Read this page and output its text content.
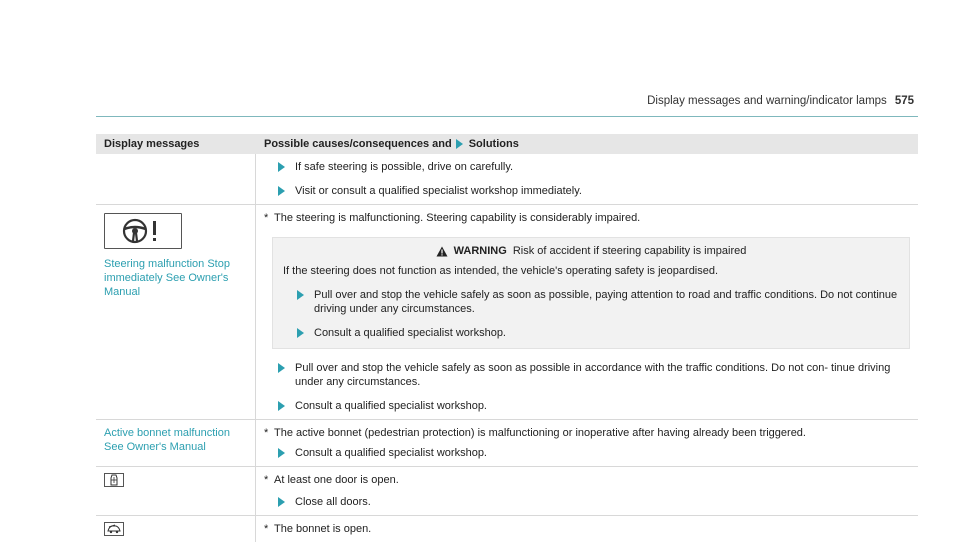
Display messages and warning/indicator lamps 575
Display messages	Possible causes/consequences and Solutions
If safe steering is possible, drive on carefully.
Visit or consult a qualified specialist workshop immediately.
Steering malfunction Stop immediately See Owner's Manual
* The steering is malfunctioning. Steering capability is considerably impaired.
WARNING Risk of accident if steering capability is impaired
If the steering does not function as intended, the vehicle's operating safety is jeopardised.
Pull over and stop the vehicle safely as soon as possible, paying attention to road and traffic conditions. Do not continue driving under any circumstances.
Consult a qualified specialist workshop.
Pull over and stop the vehicle safely as soon as possible in accordance with the traffic conditions. Do not con- tinue driving under any circumstances.
Consult a qualified specialist workshop.
Active bonnet malfunction See Owner's Manual
* The active bonnet (pedestrian protection) is malfunctioning or inoperative after having already been triggered.
Consult a qualified specialist workshop.
* At least one door is open.
Close all doors.
* The bonnet is open.
